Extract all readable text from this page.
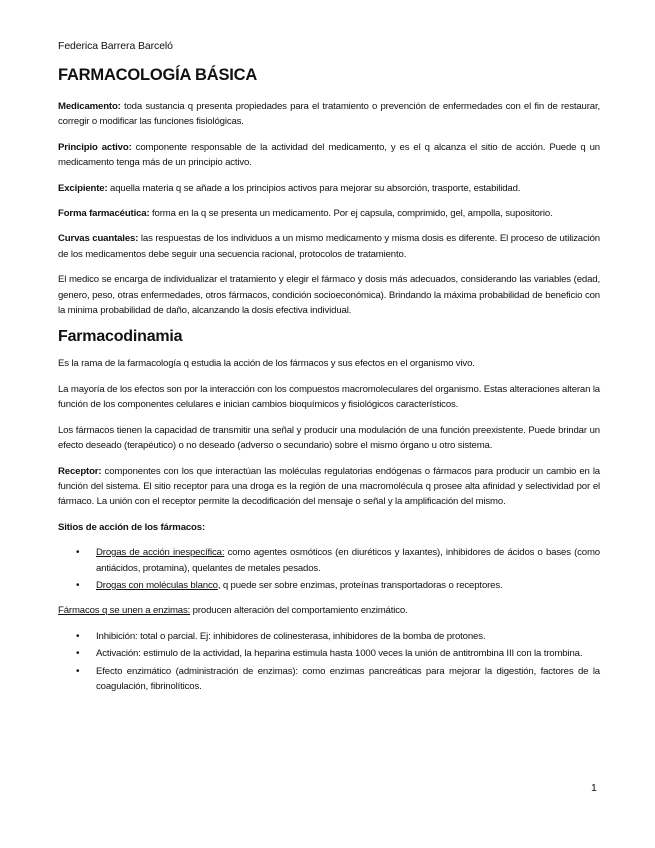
Federica Barrera Barceló
FARMACOLOGÍA BÁSICA

Medicamento: toda sustancia q presenta propiedades para el tratamiento o prevención de enfermedades con el fin de restaurar, corregir o modificar las funciones fisiológicas.

Principio activo: componente responsable de la actividad del medicamento, y es el q alcanza el sitio de acción. Puede q un medicamento tenga más de un principio activo.

Excipiente: aquella materia q se añade a los principios activos para mejorar su absorción, trasporte, estabilidad.

Forma farmacéutica: forma en la q se presenta un medicamento. Por ej capsula, comprimido, gel, ampolla, supositorio.

Curvas cuantales: las respuestas de los individuos a un mismo medicamento y misma dosis es diferente. El proceso de utilización de los medicamentos debe seguir una secuencia racional, protocolos de tratamiento.

El medico se encarga de individualizar el tratamiento y elegir el fármaco y dosis más adecuados, considerando las variables (edad, genero, peso, otras enfermedades, otros fármacos, condición socioeconómica). Brindando la máxima probabilidad de beneficio con la minima probabilidad de daño, alcanzando la dosis efectiva individual.

Farmacodinamia

Es la rama de la farmacología q estudia la acción de los fármacos y sus efectos en el organismo vivo.

La mayoría de los efectos son por la interacción con los compuestos macromoleculares del organismo. Estas alteraciones alteran la función de los componentes celulares e inician cambios bioquímicos y fisiológicos característicos.

Los fármacos tienen la capacidad de transmitir una señal y producir una modulación de una función preexistente. Puede brindar un efecto deseado (terapéutico) o no deseado (adverso o secundario) sobre el mismo órgano u otro sistema.

Receptor: componentes con los que interactúan las moléculas regulatorias endógenas o fármacos para producir un cambio en la función del sistema. El sitio receptor para una droga es la región de una macromolécula q prosee alta afinidad y selectividad por el fármaco. La unión con el receptor permite la decodificación del mensaje o señal y la amplificación del mismo.

Sitios de acción de los fármacos:

• Drogas de acción inespecífica: como agentes osmóticos (en diuréticos y laxantes), inhibidores de ácidos o bases (como antiácidos, protamina), quelantes de metales pesados.
• Drogas con moléculas blanco, q puede ser sobre enzimas, proteínas transportadoras o receptores.

Fármacos q se unen a enzimas: producen alteración del comportamiento enzimático.

• Inhibición: total o parcial. Ej: inhibidores de colinesterasa, inhibidores de la bomba de protones.
• Activación: estimulo de la actividad, la heparina estimula hasta 1000 veces la unión de antitrombina III con la trombina.
• Efecto enzimático (administración de enzimas): como enzimas pancreáticas para mejorar la digestión, factores de la coagulación, fibrinolíticos.
1
